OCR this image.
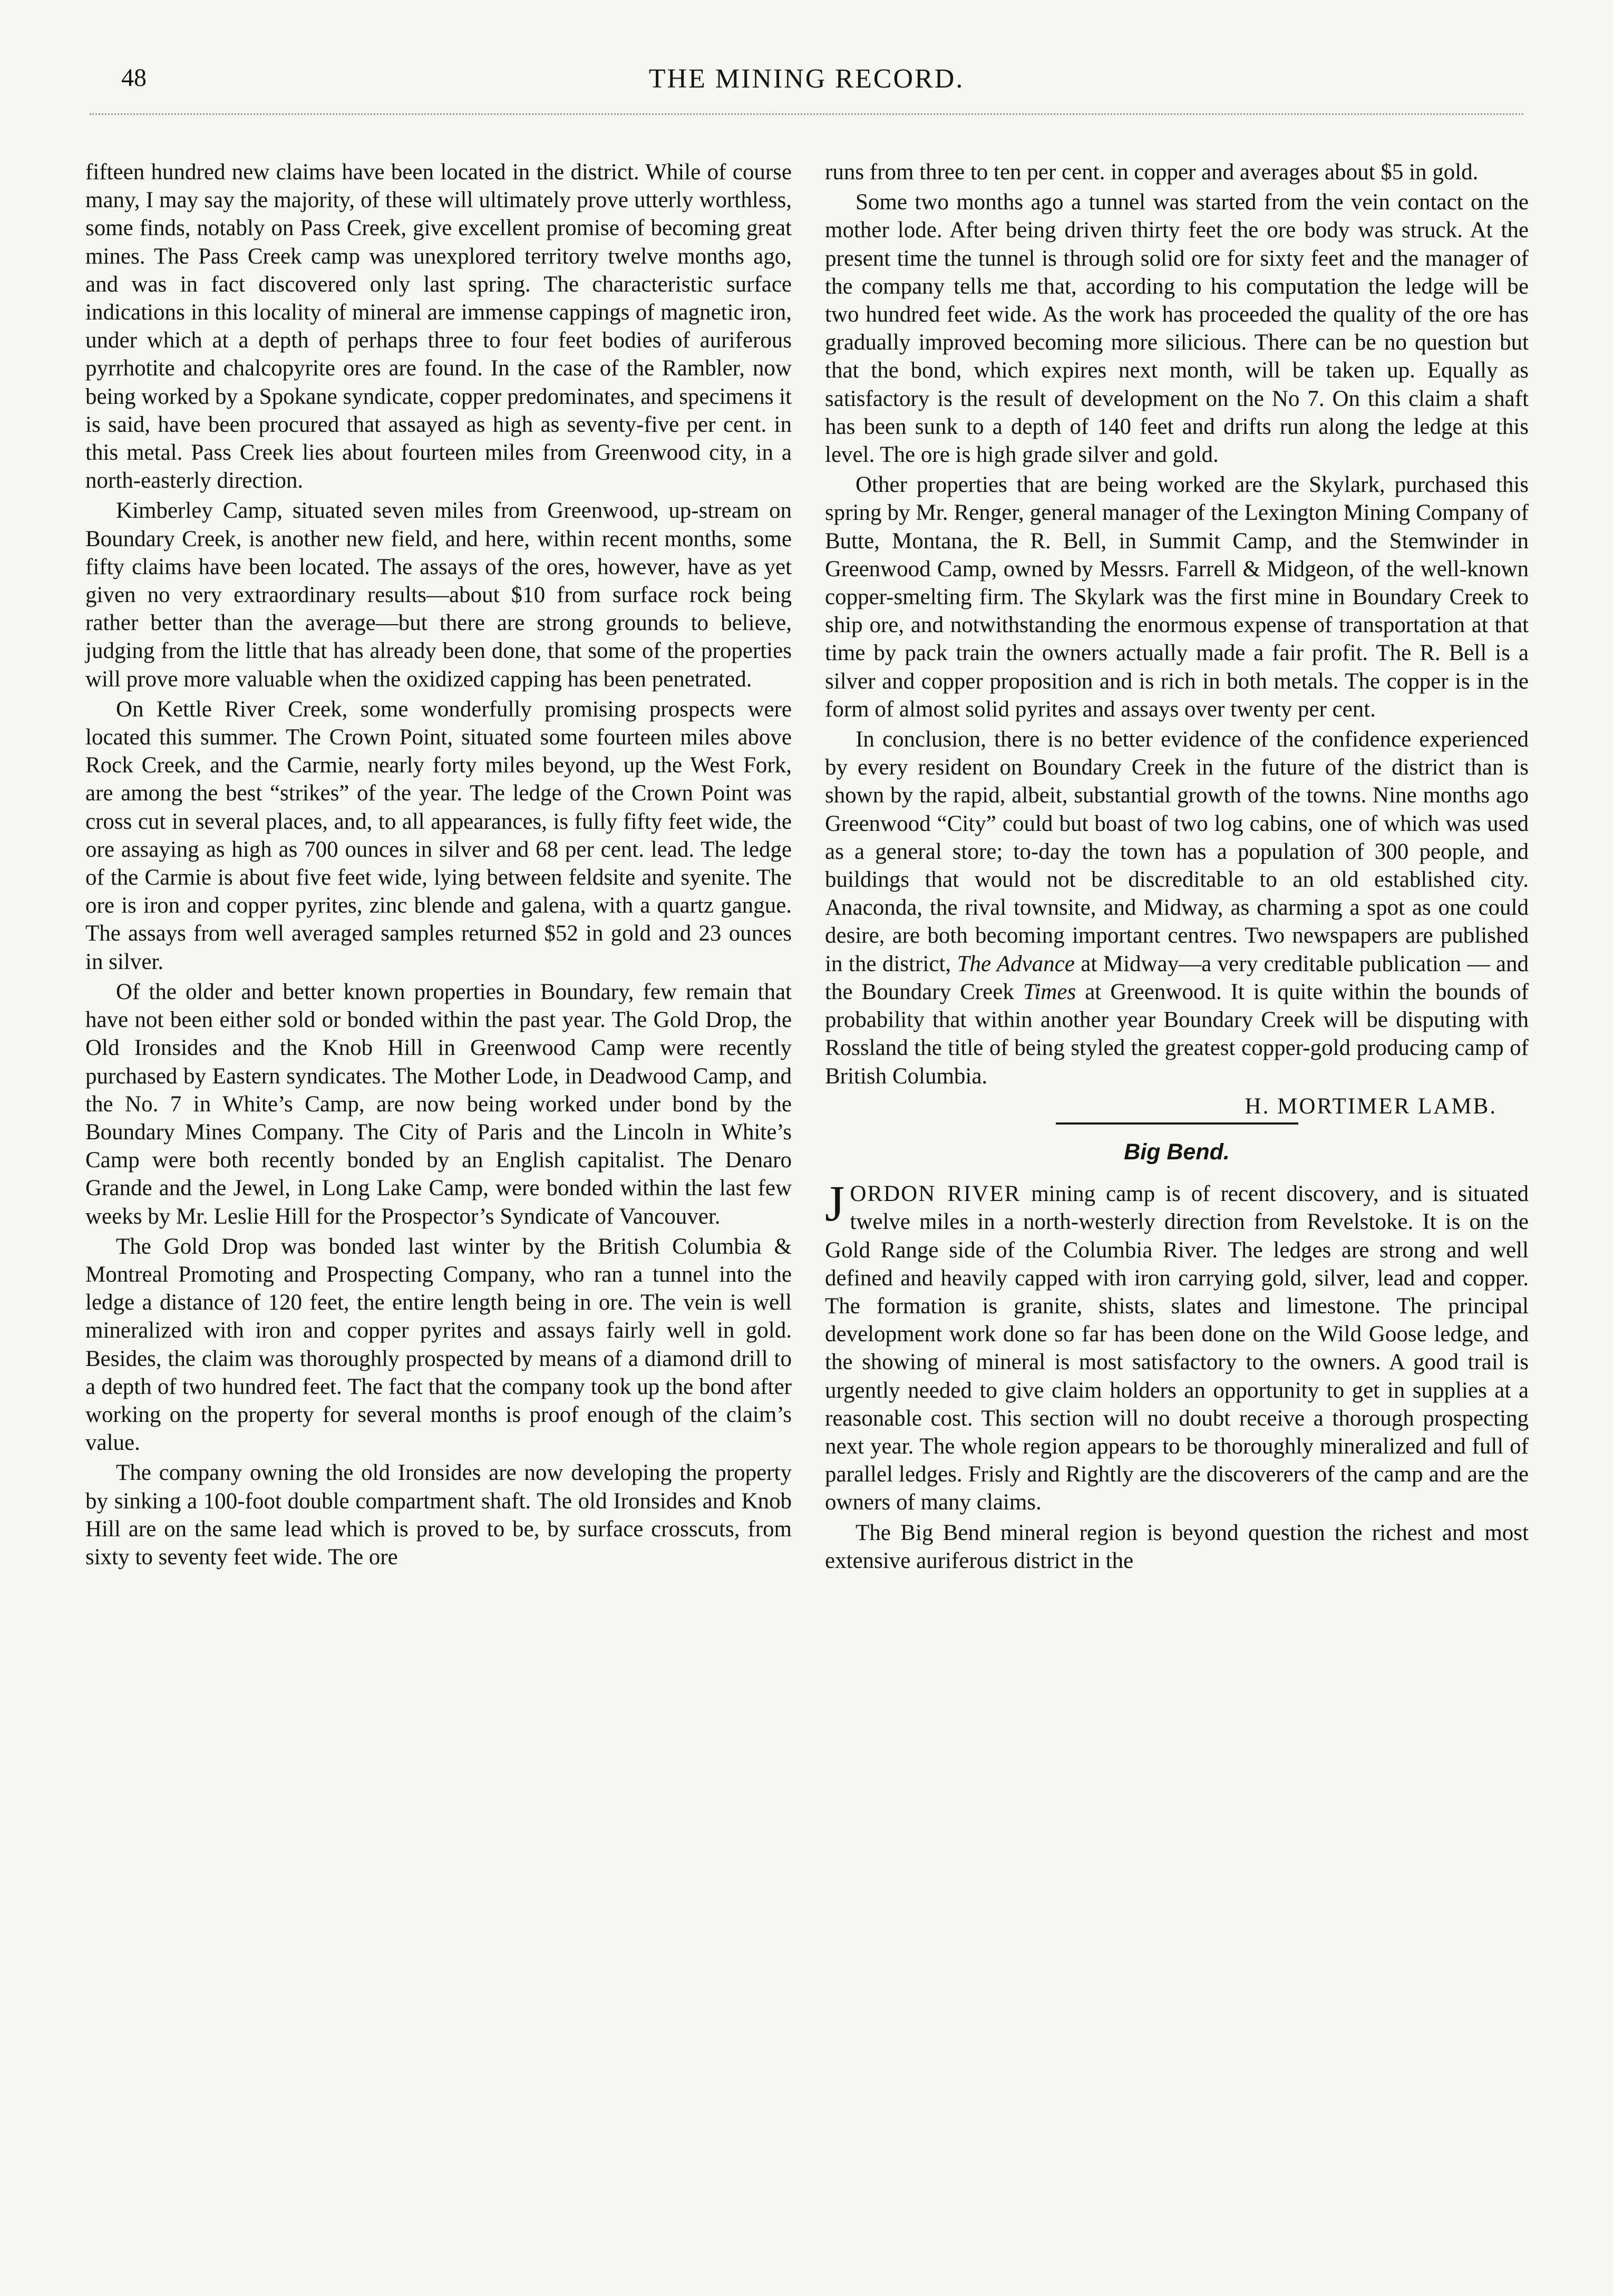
48	THE MINING RECORD.

fifteen hundred new claims have been located in the district. While of course many, I may say the majority, of these will ultimately prove utterly worthless, some finds, notably on Pass Creek, give excellent promise of becoming great mines. The Pass Creek camp was unexplored territory twelve months ago, and was in fact discovered only last spring. The characteristic surface indications in this locality of mineral are immense cappings of magnetic iron, under which at a depth of perhaps three to four feet bodies of auriferous pyrrhotite and chalcopyrite ores are found. In the case of the Rambler, now being worked by a Spokane syndicate, copper predominates, and specimens it is said, have been procured that assayed as high as seventy-five per cent. in this metal. Pass Creek lies about fourteen miles from Greenwood city, in a north-easterly direction.

Kimberley Camp, situated seven miles from Greenwood, up-stream on Boundary Creek, is another new field, and here, within recent months, some fifty claims have been located. The assays of the ores, however, have as yet given no very extraordinary results—about $10 from surface rock being rather better than the average—but there are strong grounds to believe, judging from the little that has already been done, that some of the properties will prove more valuable when the oxidized capping has been penetrated.

On Kettle River Creek, some wonderfully promising prospects were located this summer. The Crown Point, situated some fourteen miles above Rock Creek, and the Carmie, nearly forty miles beyond, up the West Fork, are among the best “strikes” of the year. The ledge of the Crown Point was cross cut in several places, and, to all appearances, is fully fifty feet wide, the ore assaying as high as 700 ounces in silver and 68 per cent. lead. The ledge of the Carmie is about five feet wide, lying between feldsite and syenite. The ore is iron and copper pyrites, zinc blende and galena, with a quartz gangue. The assays from well averaged samples returned $52 in gold and 23 ounces in silver.

Of the older and better known properties in Boundary, few remain that have not been either sold or bonded within the past year. The Gold Drop, the Old Ironsides and the Knob Hill in Greenwood Camp were recently purchased by Eastern syndicates. The Mother Lode, in Deadwood Camp, and the No. 7 in White’s Camp, are now being worked under bond by the Boundary Mines Company. The City of Paris and the Lincoln in White’s Camp were both recently bonded by an English capitalist. The Denaro Grande and the Jewel, in Long Lake Camp, were bonded within the last few weeks by Mr. Leslie Hill for the Prospector’s Syndicate of Vancouver.

The Gold Drop was bonded last winter by the British Columbia & Montreal Promoting and Prospecting Company, who ran a tunnel into the ledge a distance of 120 feet, the entire length being in ore. The vein is well mineralized with iron and copper pyrites and assays fairly well in gold. Besides, the claim was thoroughly prospected by means of a diamond drill to a depth of two hundred feet. The fact that the company took up the bond after working on the property for several months is proof enough of the claim’s value.

The company owning the old Ironsides are now developing the property by sinking a 100-foot double compartment shaft. The old Ironsides and Knob Hill are on the same lead which is proved to be, by surface crosscuts, from sixty to seventy feet wide. The ore

runs from three to ten per cent. in copper and averages about $5 in gold.

Some two months ago a tunnel was started from the vein contact on the mother lode. After being driven thirty feet the ore body was struck. At the present time the tunnel is through solid ore for sixty feet and the manager of the company tells me that, according to his computation the ledge will be two hundred feet wide. As the work has proceeded the quality of the ore has gradually improved becoming more silicious. There can be no question but that the bond, which expires next month, will be taken up. Equally as satisfactory is the result of development on the No 7. On this claim a shaft has been sunk to a depth of 140 feet and drifts run along the ledge at this level. The ore is high grade silver and gold.

Other properties that are being worked are the Skylark, purchased this spring by Mr. Renger, general manager of the Lexington Mining Company of Butte, Montana, the R. Bell, in Summit Camp, and the Stemwinder in Greenwood Camp, owned by Messrs. Farrell & Midgeon, of the well-known copper-smelting firm. The Skylark was the first mine in Boundary Creek to ship ore, and notwithstanding the enormous expense of transportation at that time by pack train the owners actually made a fair profit. The R. Bell is a silver and copper proposition and is rich in both metals. The copper is in the form of almost solid pyrites and assays over twenty per cent.

In conclusion, there is no better evidence of the confidence experienced by every resident on Boundary Creek in the future of the district than is shown by the rapid, albeit, substantial growth of the towns. Nine months ago Greenwood “City” could but boast of two log cabins, one of which was used as a general store; to-day the town has a population of 300 people, and buildings that would not be discreditable to an old established city. Anaconda, the rival townsite, and Midway, as charming a spot as one could desire, are both becoming important centres. Two newspapers are published in the district, The Advance at Midway—a very creditable publication — and the Boundary Creek Times at Greenwood. It is quite within the bounds of probability that within another year Boundary Creek will be disputing with Rossland the title of being styled the greatest copper-gold producing camp of British Columbia.

H. MORTIMER LAMB.

Big Bend.

JORDON RIVER mining camp is of recent discovery, and is situated twelve miles in a north-westerly direction from Revelstoke. It is on the Gold Range side of the Columbia River. The ledges are strong and well defined and heavily capped with iron carrying gold, silver, lead and copper. The formation is granite, shists, slates and limestone. The principal development work done so far has been done on the Wild Goose ledge, and the showing of mineral is most satisfactory to the owners. A good trail is urgently needed to give claim holders an opportunity to get in supplies at a reasonable cost. This section will no doubt receive a thorough prospecting next year. The whole region appears to be thoroughly mineralized and full of parallel ledges. Frisly and Rightly are the discoverers of the camp and are the owners of many claims.

The Big Bend mineral region is beyond question the richest and most extensive auriferous district in the
